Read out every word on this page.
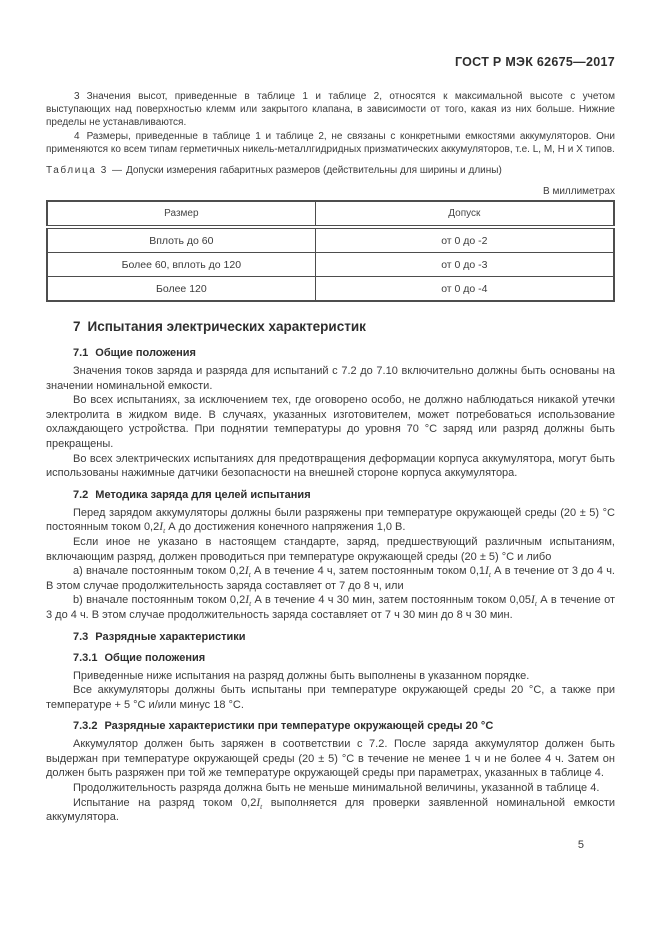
ГОСТ Р МЭК 62675—2017

3 Значения высот, приведенные в таблице 1 и таблице 2, относятся к максимальной высоте с учетом выступающих над поверхностью клемм или закрытого клапана, в зависимости от того, какая из них больше. Нижние пределы не устанавливаются.

4 Размеры, приведенные в таблице 1 и таблице 2, не связаны с конкретными емкостями аккумуляторов. Они применяются ко всем типам герметичных никель-металлгидридных призматических аккумуляторов, т.е. L, M, H и X типов.

Таблица 3 — Допуски измерения габаритных размеров (действительны для ширины и длины)

В миллиметрах

Размер	Допуск
Вплоть до 60	от 0 до -2
Более 60, вплоть до 120	от 0 до -3
Более 120	от 0 до -4

7 Испытания электрических характеристик

7.1 Общие положения

Значения токов заряда и разряда для испытаний с 7.2 до 7.10 включительно должны быть основаны на значении номинальной емкости.

Во всех испытаниях, за исключением тех, где оговорено особо, не должно наблюдаться никакой утечки электролита в жидком виде. В случаях, указанных изготовителем, может потребоваться использование охлаждающего устройства. При поднятии температуры до уровня 70 °С заряд или разряд должны быть прекращены.

Во всех электрических испытаниях для предотвращения деформации корпуса аккумулятора, могут быть использованы нажимные датчики безопасности на внешней стороне корпуса аккумулятора.

7.2 Методика заряда для целей испытания

Перед зарядом аккумуляторы должны были разряжены при температуре окружающей среды (20 ± 5) °С постоянным током $0,2I_t$ А до достижения конечного напряжения 1,0 В.

Если иное не указано в настоящем стандарте, заряд, предшествующий различным испытаниям, включающим разряд, должен проводиться при температуре окружающей среды (20 ± 5) °С и либо

a) вначале постоянным током $0,2I_t$ А в течение 4 ч, затем постоянным током $0,1I_t$ А в течение от 3 до 4 ч. В этом случае продолжительность заряда составляет от 7 до 8 ч, или

b) вначале постоянным током $0,2I_t$ А в течение 4 ч 30 мин, затем постоянным током $0,05I_t$ А в течение от 3 до 4 ч. В этом случае продолжительность заряда составляет от 7 ч 30 мин до 8 ч 30 мин.

7.3 Разрядные характеристики

7.3.1 Общие положения

Приведенные ниже испытания на разряд должны быть выполнены в указанном порядке.

Все аккумуляторы должны быть испытаны при температуре окружающей среды 20 °С, а также при температуре + 5 °С и/или минус 18 °С.

7.3.2 Разрядные характеристики при температуре окружающей среды 20 °С

Аккумулятор должен быть заряжен в соответствии с 7.2. После заряда аккумулятор должен быть выдержан при температуре окружающей среды (20 ± 5) °С в течение не менее 1 ч и не более 4 ч. Затем он должен быть разряжен при той же температуре окружающей среды при параметрах, указанных в таблице 4.

Продолжительность разряда должна быть не меньше минимальной величины, указанной в таблице 4.

Испытание на разряд током $0,2I_t$ выполняется для проверки заявленной номинальной емкости аккумулятора.

5
